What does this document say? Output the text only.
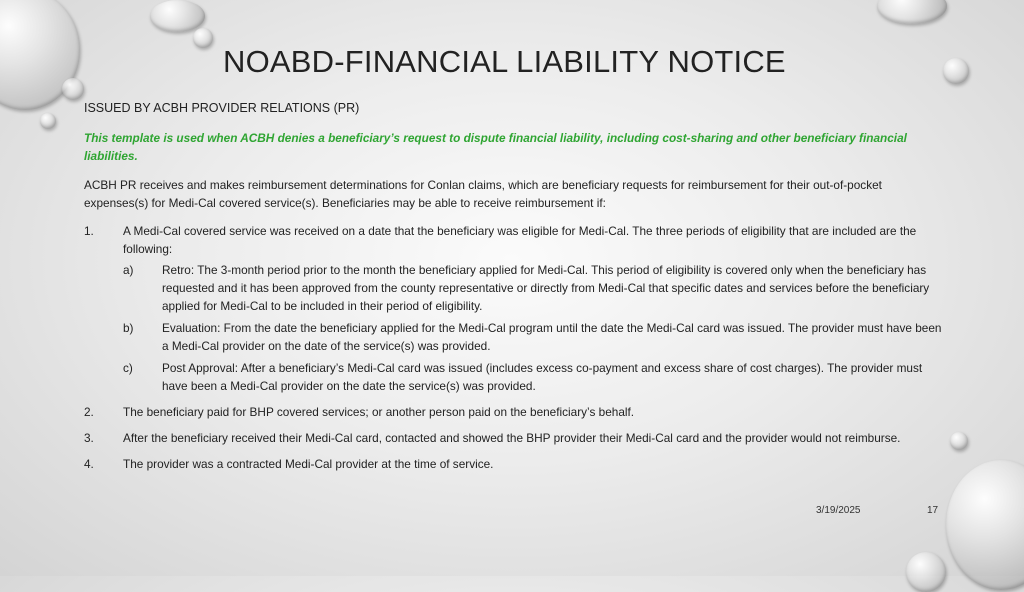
NOABD-FINANCIAL LIABILITY NOTICE
ISSUED BY ACBH PROVIDER RELATIONS (PR)
This template is used when ACBH denies a beneficiary’s request to dispute financial liability, including cost-sharing and other beneficiary financial liabilities.
ACBH PR receives and makes reimbursement determinations for Conlan claims, which are beneficiary requests for reimbursement for their out-of-pocket expenses(s) for Medi-Cal covered service(s). Beneficiaries may be able to receive reimbursement if:
1. A Medi-Cal covered service was received on a date that the beneficiary was eligible for Medi-Cal. The three periods of eligibility that are included are the following:
a) Retro: The 3-month period prior to the month the beneficiary applied for Medi-Cal. This period of eligibility is covered only when the beneficiary has requested and it has been approved from the county representative or directly from Medi-Cal that specific dates and services before the beneficiary applied for Medi-Cal to be included in their period of eligibility.
b) Evaluation: From the date the beneficiary applied for the Medi-Cal program until the date the Medi-Cal card was issued. The provider must have been a Medi-Cal provider on the date of the service(s) was provided.
c) Post Approval: After a beneficiary’s Medi-Cal card was issued (includes excess co-payment and excess share of cost charges). The provider must have been a Medi-Cal provider on the date the service(s) was provided.
2. The beneficiary paid for BHP covered services; or another person paid on the beneficiary’s behalf.
3. After the beneficiary received their Medi-Cal card, contacted and showed the BHP provider their Medi-Cal card and the provider would not reimburse.
4. The provider was a contracted Medi-Cal provider at the time of service.
3/19/2025	17
